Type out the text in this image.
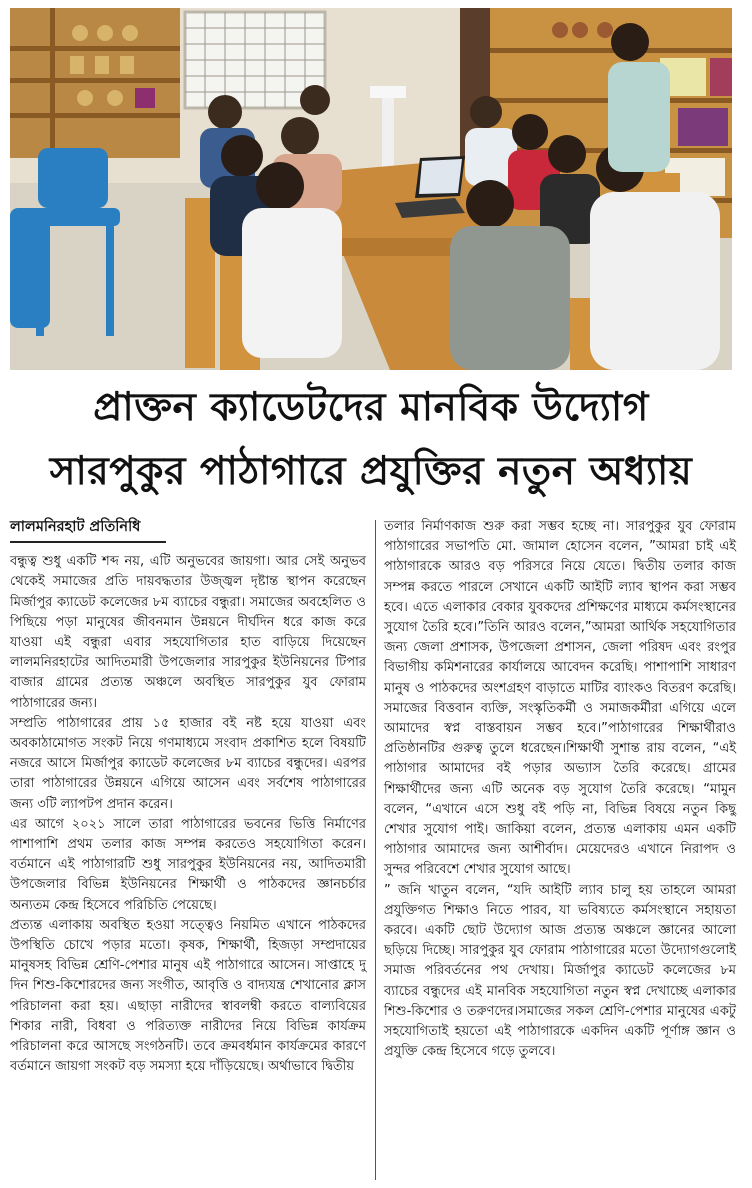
প্রাক্তন ক্যাডেটদের মানবিক উদ্যোগ
সারপুকুর পাঠাগারে প্রযুক্তির নতুন অধ্যায়
লালমনিরহাট প্রতিনিধি

বন্ধুত্ব শুধু একটি শব্দ নয়, এটি অনুভবের জায়গা। আর সেই অনুভব থেকেই সমাজের প্রতি দায়বদ্ধতার উজ্জ্বল দৃষ্টান্ত স্থাপন করেছেন মির্জাপুর ক্যাডেট কলেজের ৮ম ব্যাচের বন্ধুরা। সমাজের অবহেলিত ও পিছিয়ে পড়া মানুষের জীবনমান উন্নয়নে দীর্ঘদিন ধরে কাজ করে যাওয়া এই বন্ধুরা এবার সহযোগিতার হাত বাড়িয়ে দিয়েছেন লালমনিরহাটের আদিতমারী উপজেলার সারপুকুর ইউনিয়নের টিপার বাজার গ্রামের প্রত্যন্ত অঞ্চলে অবস্থিত সারপুকুর যুব ফোরাম পাঠাগারের জন্য।

সম্প্রতি পাঠাগারের প্রায় ১৫ হাজার বই নষ্ট হয়ে যাওয়া এবং অবকাঠামোগত সংকট নিয়ে গণমাধ্যমে সংবাদ প্রকাশিত হলে বিষয়টি নজরে আসে মির্জাপুর ক্যাডেট কলেজের ৮ম ব্যাচের বন্ধুদের। এরপর তারা পাঠাগারের উন্নয়নে এগিয়ে আসেন এবং সর্বশেষ পাঠাগারের জন্য ৩টি ল্যাপটপ প্রদান করেন।

এর আগে ২০২১ সালে তারা পাঠাগারের ভবনের ভিত্তি নির্মাণের পাশাপাশি প্রথম তলার কাজ সম্পন্ন করতেও সহযোগিতা করেন। বর্তমানে এই পাঠাগারটি শুধু সারপুকুর ইউনিয়নের নয়, আদিতমারী উপজেলার বিভিন্ন ইউনিয়নের শিক্ষার্থী ও পাঠকদের জ্ঞানচর্চার অন্যতম কেন্দ্র হিসেবে পরিচিতি পেয়েছে।

প্রত্যন্ত এলাকায় অবস্থিত হওয়া সত্ত্বেও নিয়মিত এখানে পাঠকদের উপস্থিতি চোখে পড়ার মতো। কৃষক, শিক্ষার্থী, হিজড়া সম্প্রদায়ের মানুষসহ বিভিন্ন শ্রেণি-পেশার মানুষ এই পাঠাগারে আসেন। সাপ্তাহে দু দিন শিশু-কিশোরদের জন্য সংগীত, আবৃত্তি ও বাদ্যযন্ত্র শেখানোর ক্লাস পরিচালনা করা হয়। এছাড়া নারীদের স্বাবলম্বী করতে বাল্যবিয়ের শিকার নারী, বিধবা ও পরিত্যক্ত নারীদের নিয়ে বিভিন্ন কার্যক্রম পরিচালনা করে আসছে সংগঠনটি। তবে ক্রমবর্ধমান কার্যক্রমের কারণে বর্তমানে জায়গা সংকট বড় সমস্যা হয়ে দাঁড়িয়েছে। অর্থাভাবে দ্বিতীয়

তলার নির্মাণকাজ শুরু করা সম্ভব হচ্ছে না। সারপুকুর যুব ফোরাম পাঠাগারের সভাপতি মো. জামাল হোসেন বলেন, ”আমরা চাই এই পাঠাগারকে আরও বড় পরিসরে নিয়ে যেতে। দ্বিতীয় তলার কাজ সম্পন্ন করতে পারলে সেখানে একটি আইটি ল্যাব স্থাপন করা সম্ভব হবে। এতে এলাকার বেকার যুবকদের প্রশিক্ষণের মাধ্যমে কর্মসংস্থানের সুযোগ তৈরি হবে।”তিনি আরও বলেন,”আমরা আর্থিক সহযোগিতার জন্য জেলা প্রশাসক, উপজেলা প্রশাসন, জেলা পরিষদ এবং রংপুর বিভাগীয় কমিশনারের কার্যালয়ে আবেদন করেছি। পাশাপাশি সাধারণ মানুষ ও পাঠকদের অংশগ্রহণ বাড়াতে মাটির ব্যাংকও বিতরণ করেছি। সমাজের বিত্তবান ব্যক্তি, সংস্কৃতিকর্মী ও সমাজকর্মীরা এগিয়ে এলে আমাদের স্বপ্ন বাস্তবায়ন সম্ভব হবে।”পাঠাগারের শিক্ষার্থীরাও প্রতিষ্ঠানটির গুরুত্ব তুলে ধরেছেন।শিক্ষার্থী সুশান্ত রায় বলেন, “এই পাঠাগার আমাদের বই পড়ার অভ্যাস তৈরি করেছে। গ্রামের শিক্ষার্থীদের জন্য এটি অনেক বড় সুযোগ তৈরি করেছে। “মামুন বলেন, “এখানে এসে শুধু বই পড়ি না, বিভিন্ন বিষয়ে নতুন কিছু শেখার সুযোগ পাই। জাকিয়া বলেন, প্রত্যন্ত এলাকায় এমন একটি পাঠাগার আমাদের জন্য আশীর্বাদ। মেয়েদেরও এখানে নিরাপদ ও সুন্দর পরিবেশে শেখার সুযোগ আছে।

” জনি খাতুন বলেন, “যদি আইটি ল্যাব চালু হয় তাহলে আমরা প্রযুক্তিগত শিক্ষাও নিতে পারব, যা ভবিষ্যতে কর্মসংস্থানে সহায়তা করবে। একটি ছোট উদ্যোগ আজ প্রত্যন্ত অঞ্চলে জ্ঞানের আলো ছড়িয়ে দিচ্ছে। সারপুকুর যুব ফোরাম পাঠাগারের মতো উদ্যোগগুলোই সমাজ পরিবর্তনের পথ দেখায়। মির্জাপুর ক্যাডেট কলেজের ৮ম ব্যাচের বন্ধুদের এই মানবিক সহযোগিতা নতুন স্বপ্ন দেখাচ্ছে এলাকার শিশু-কিশোর ও তরুণদের।সমাজের সকল শ্রেণি-পেশার মানুষের একটু সহযোগিতাই হয়তো এই পাঠাগারকে একদিন একটি পূর্ণাঙ্গ জ্ঞান ও প্রযুক্তি কেন্দ্র হিসেবে গড়ে তুলবে।
